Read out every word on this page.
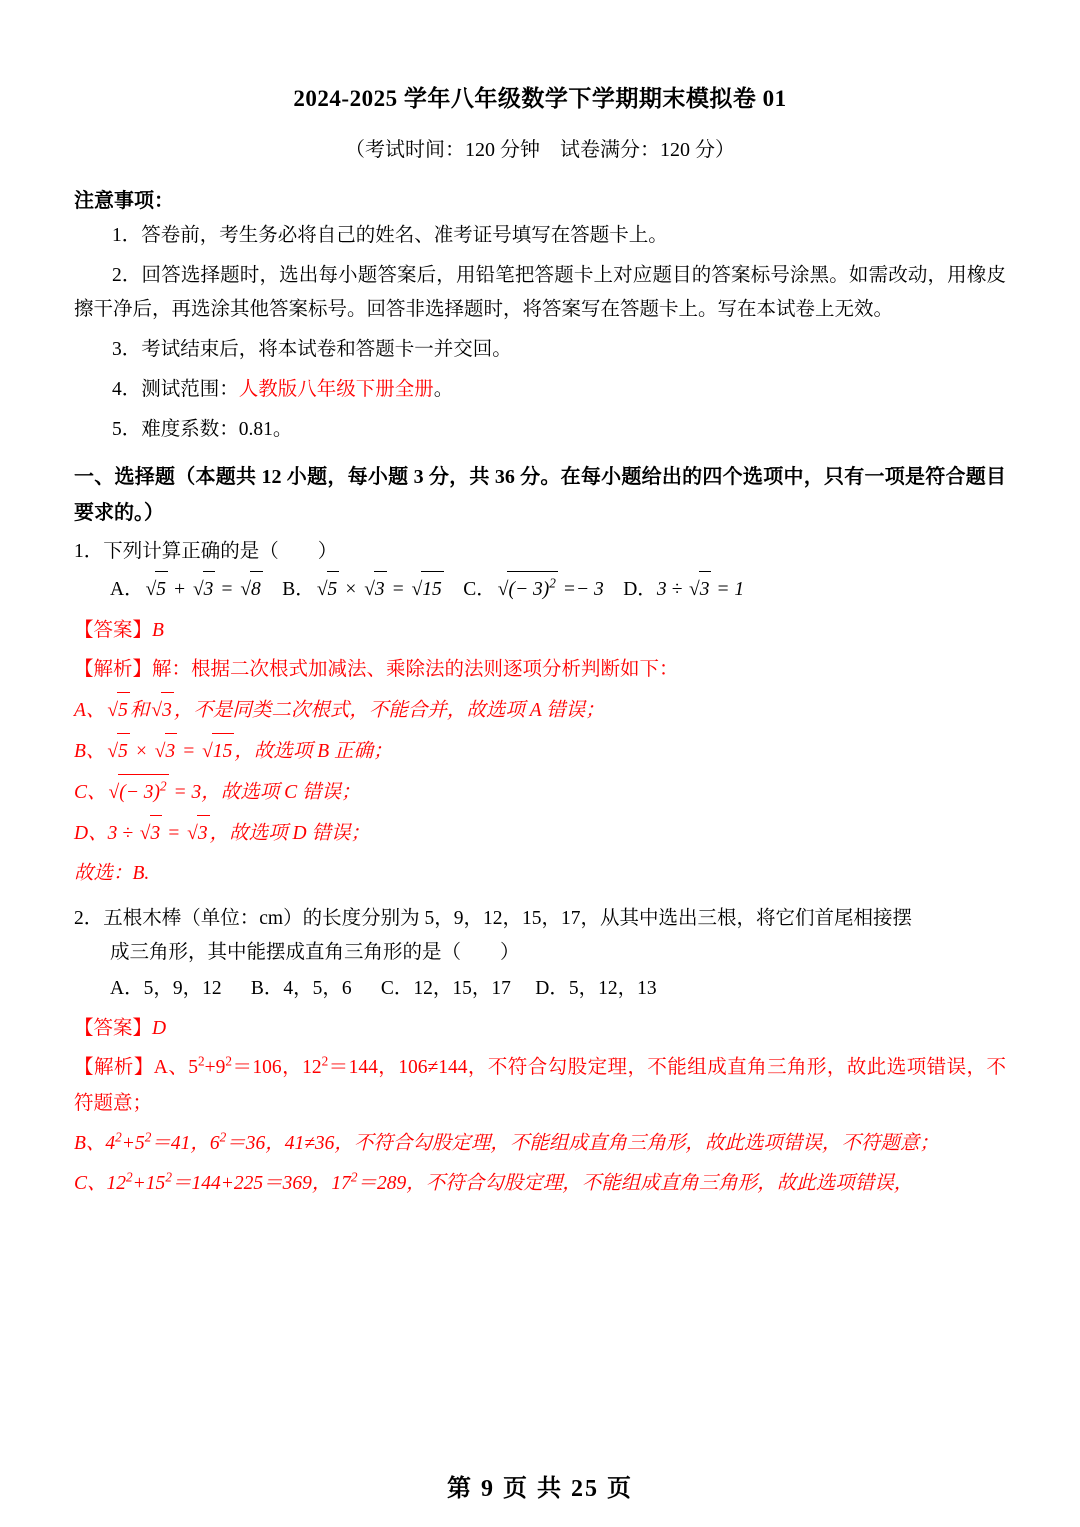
2024-2025 学年八年级数学下学期期末模拟卷 01
（考试时间：120 分钟　试卷满分：120 分）
注意事项：
1．答卷前，考生务必将自己的姓名、准考证号填写在答题卡上。
2．回答选择题时，选出每小题答案后，用铅笔把答题卡上对应题目的答案标号涂黑。如需改动，用橡皮擦干净后，再选涂其他答案标号。回答非选择题时，将答案写在答题卡上。写在本试卷上无效。
3．考试结束后，将本试卷和答题卡一并交回。
4．测试范围：人教版八年级下册全册。
5．难度系数：0.81。
一、选择题（本题共 12 小题，每小题 3 分，共 36 分。在每小题给出的四个选项中，只有一项是符合题目要求的。）
1．下列计算正确的是（　　）
A． √5 + √3 = √8 B． √5 × √3 = √15 C． √(− 3)$^2$ =− 3    D．3 ÷ √3 = 1
【答案】B
【解析】解：根据二次根式加减法、乘除法的法则逐项分析判断如下：
A、 √5 和 √3 ，不是同类二次根式，不能合并，故选项 A 错误；
B、 √5 × √3 = √15 ，故选项 B 正确；
C、 √(− 3)$^2$ = 3，故选项 C 错误；
D、3 ÷ √3 = √3 ，故选项 D 错误；
故选：B.
2．五根木棒（单位：cm）的长度分别为 5，9，12，15，17，从其中选出三根，将它们首尾相接摆
成三角形，其中能摆成直角三角形的是（　　）
A．5，9，12 B．4，5，6 C．12，15，17 D．5，12，13
【答案】D
【解析】A、$5^2+9^2=106$，$12^2=144$，106≠144，不符合勾股定理，不能组成直角三角形，故此选项错误，不符题意；
B、$4^2+5^2=41$，$6^2=36$，41≠36，不符合勾股定理，不能组成直角三角形，故此选项错误，不符题意；
C、$12^2+15^2=144+225=369$，$17^2=289$，不符合勾股定理，不能组成直角三角形，故此选项错误，
第 9 页 共 25 页
